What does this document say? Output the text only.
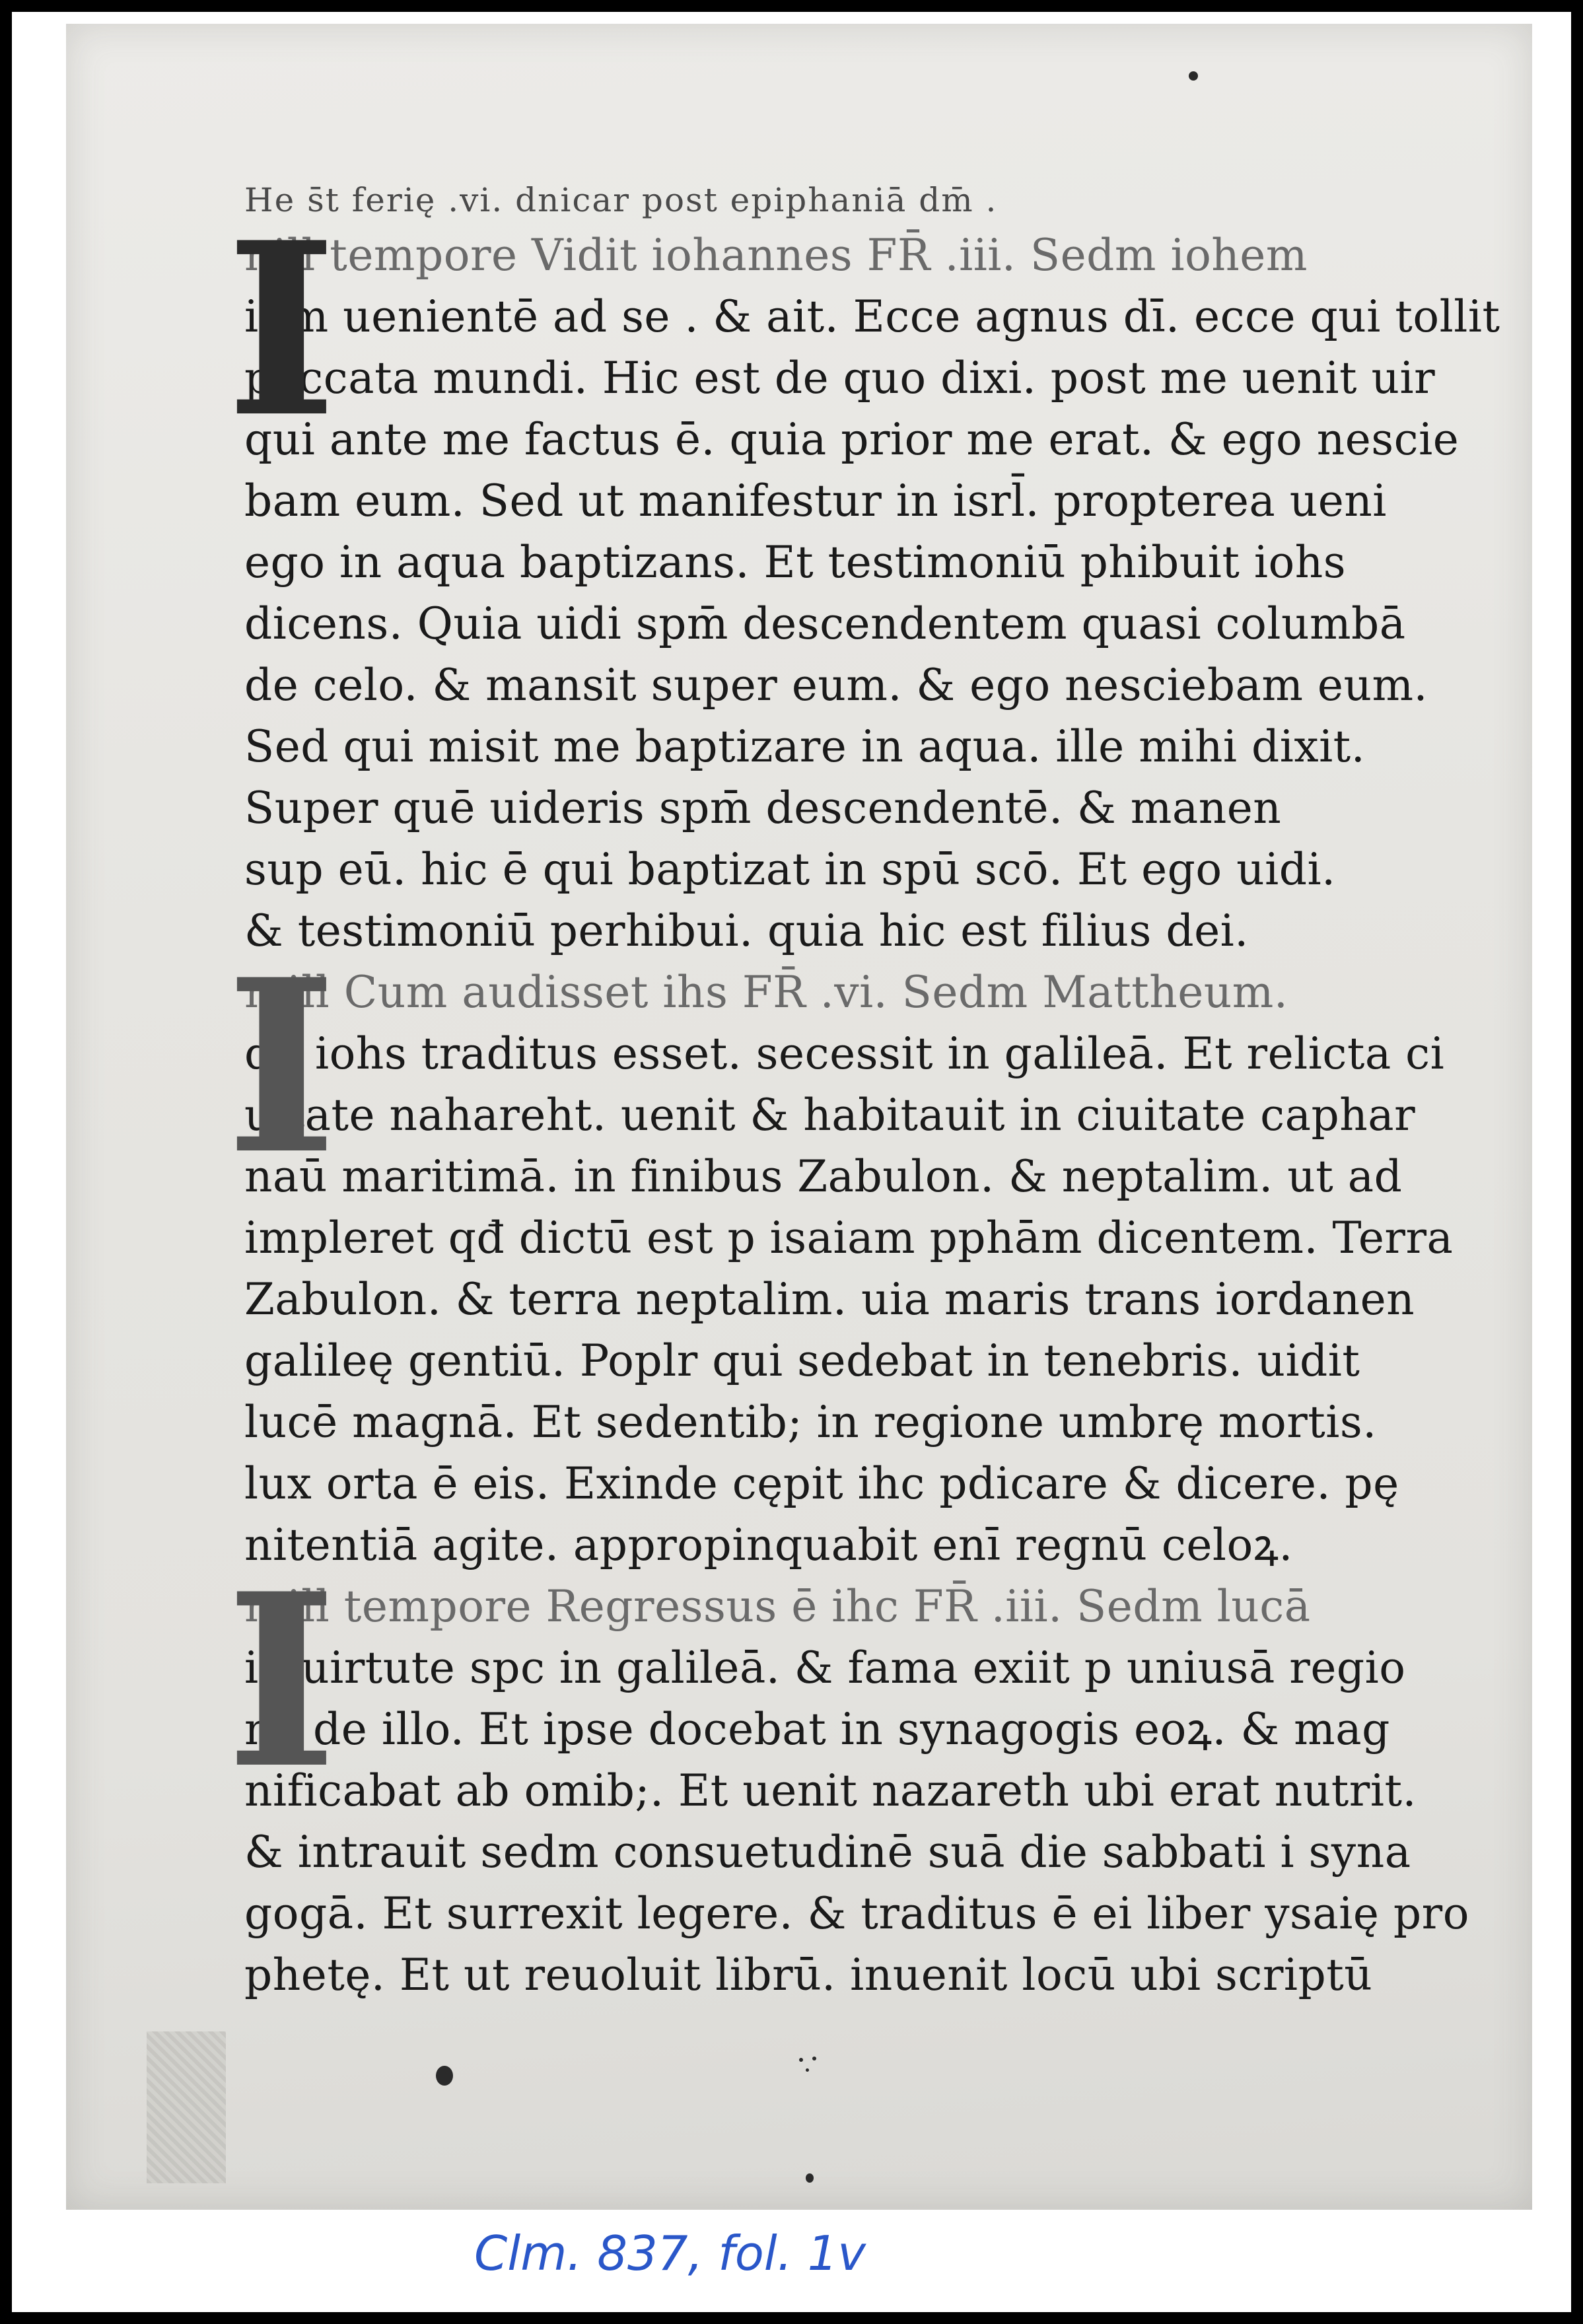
He s̄t ferię .vi. dnicar post epiphaniā dm̄ .
I
nill tempore Vidit iohannes FR̄ .iii. Sedm iohem
ihm uenientē ad se . & ait. Ecce agnus dī. ecce qui tollit
peccata mundi. Hic est de quo dixi. post me uenit uir
qui ante me factus ē. quia prior me erat. & ego nescie
bam eum. Sed ut manifestur in isrl̄. propterea ueni
ego in aqua baptizans. Et testimoniū phibuit iohs
dicens. Quia uidi spm̄ descendentem quasi columbā
de celo. & mansit super eum. & ego nesciebam eum.
Sed qui misit me baptizare in aqua. ille mihi dixit.
Super quē uideris spm̄ descendentē. & manen
sup eū. hic ē qui baptizat in spū scō. Et ego uidi.
& testimoniū perhibui. quia hic est filius dei.
I
n ill Cum audisset ihs FR̄ .vi. Sedm Mattheum.
qđ iohs traditus esset. secessit in galileā. Et relicta ci
uitate nahareht. uenit & habitauit in ciuitate caphar
naū maritimā. in finibus Zabulon. & neptalim. ut ad
impleret qđ dictū est p isaiam pphām dicentem. Terra
Zabulon. & terra neptalim. uia maris trans iordanen
galileę gentiū. Poplr qui sedebat in tenebris. uidit
lucē magnā. Et sedentib; in regione umbrę mortis.
lux orta ē eis. Exinde cępit ihc pdicare & dicere. pę
nitentiā agite. appropinquabit enī regnū celoꝝ.
I
n ill tempore Regressus ē ihc FR̄ .iii. Sedm lucā
in uirtute spc in galileā. & fama exiit p uniusā regio
nē de illo. Et ipse docebat in synagogis eoꝝ. & mag
nificabat ab omib;. Et uenit nazareth ubi erat nutrit.
& intrauit sedm consuetudinē suā die sabbati i synа
gogā. Et surrexit legere. & traditus ē ei liber ysaię pro
phetę. Et ut reuoluit librū. inuenit locū ubi scriptū
Clm. 837, fol. 1v
